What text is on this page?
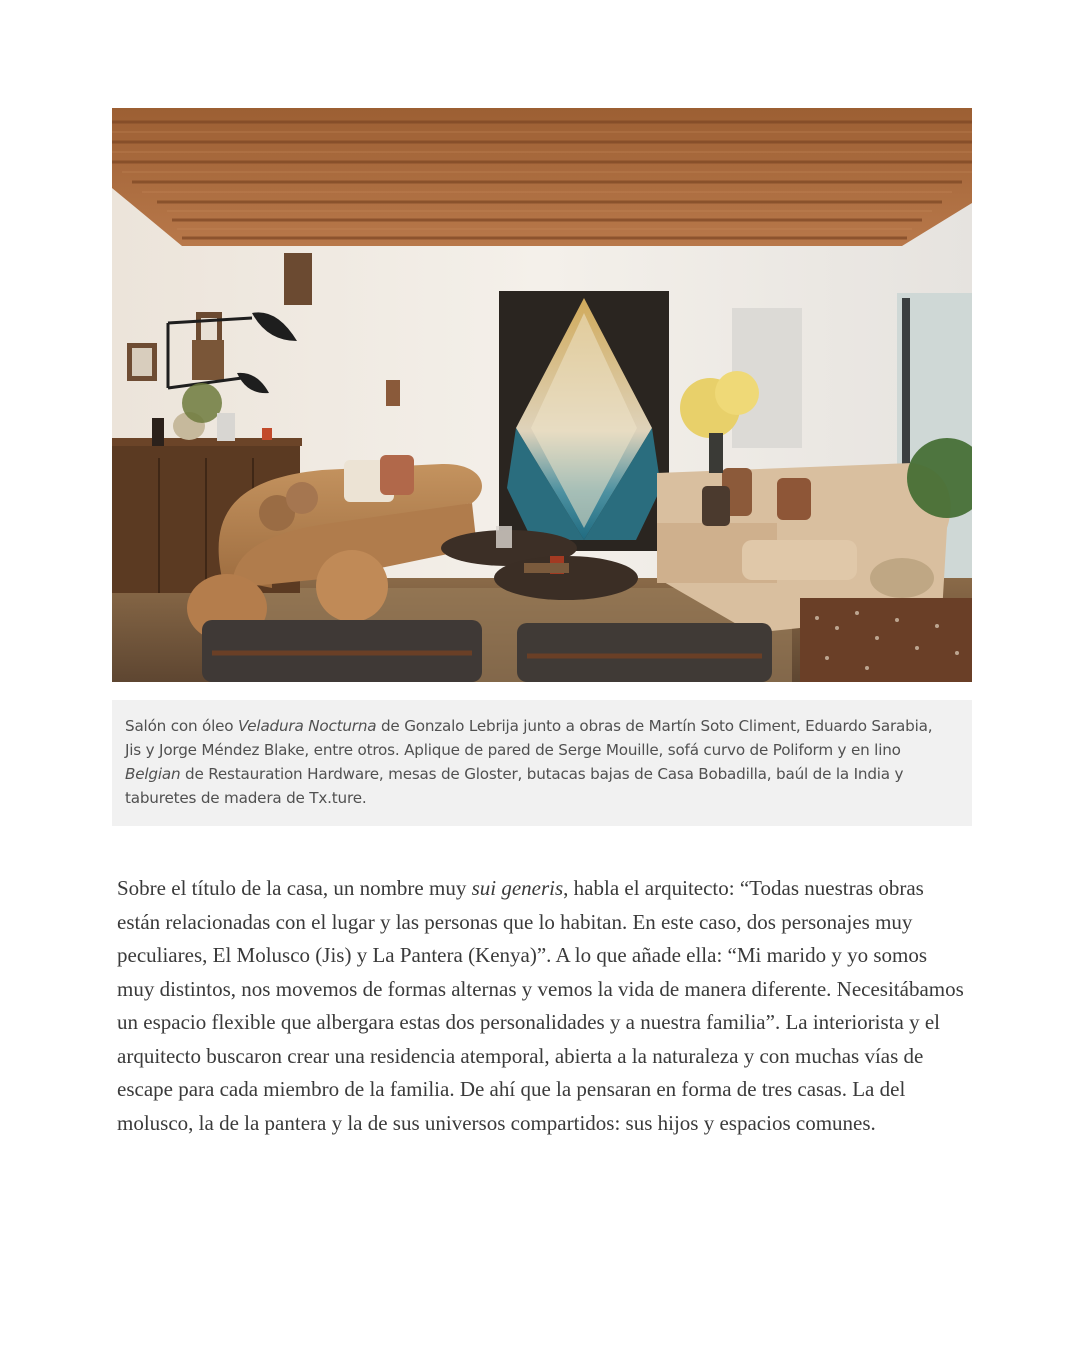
Salón con óleo Veladura Nocturna de Gonzalo Lebrija junto a obras de Martín Soto Climent, Eduardo Sarabia, Jis y Jorge Méndez Blake, entre otros. Aplique de pared de Serge Mouille, sofá curvo de Poliform y en lino Belgian de Restauration Hardware, mesas de Gloster, butacas bajas de Casa Bobadilla, baúl de la India y taburetes de madera de Tx.ture.

Sobre el título de la casa, un nombre muy sui generis, habla el arquitecto: “Todas nuestras obras están relacionadas con el lugar y las personas que lo habitan. En este caso, dos personajes muy peculiares, El Molusco (Jis) y La Pantera (Kenya)”. A lo que añade ella: “Mi marido y yo somos muy distintos, nos movemos de formas alternas y vemos la vida de manera diferente. Necesitábamos un espacio flexible que albergara estas dos personalidades y a nuestra familia”. La interiorista y el arquitecto buscaron crear una residencia atemporal, abierta a la naturaleza y con muchas vías de escape para cada miembro de la familia. De ahí que la pensaran en forma de tres casas. La del molusco, la de la pantera y la de sus universos compartidos: sus hijos y espacios comunes.
